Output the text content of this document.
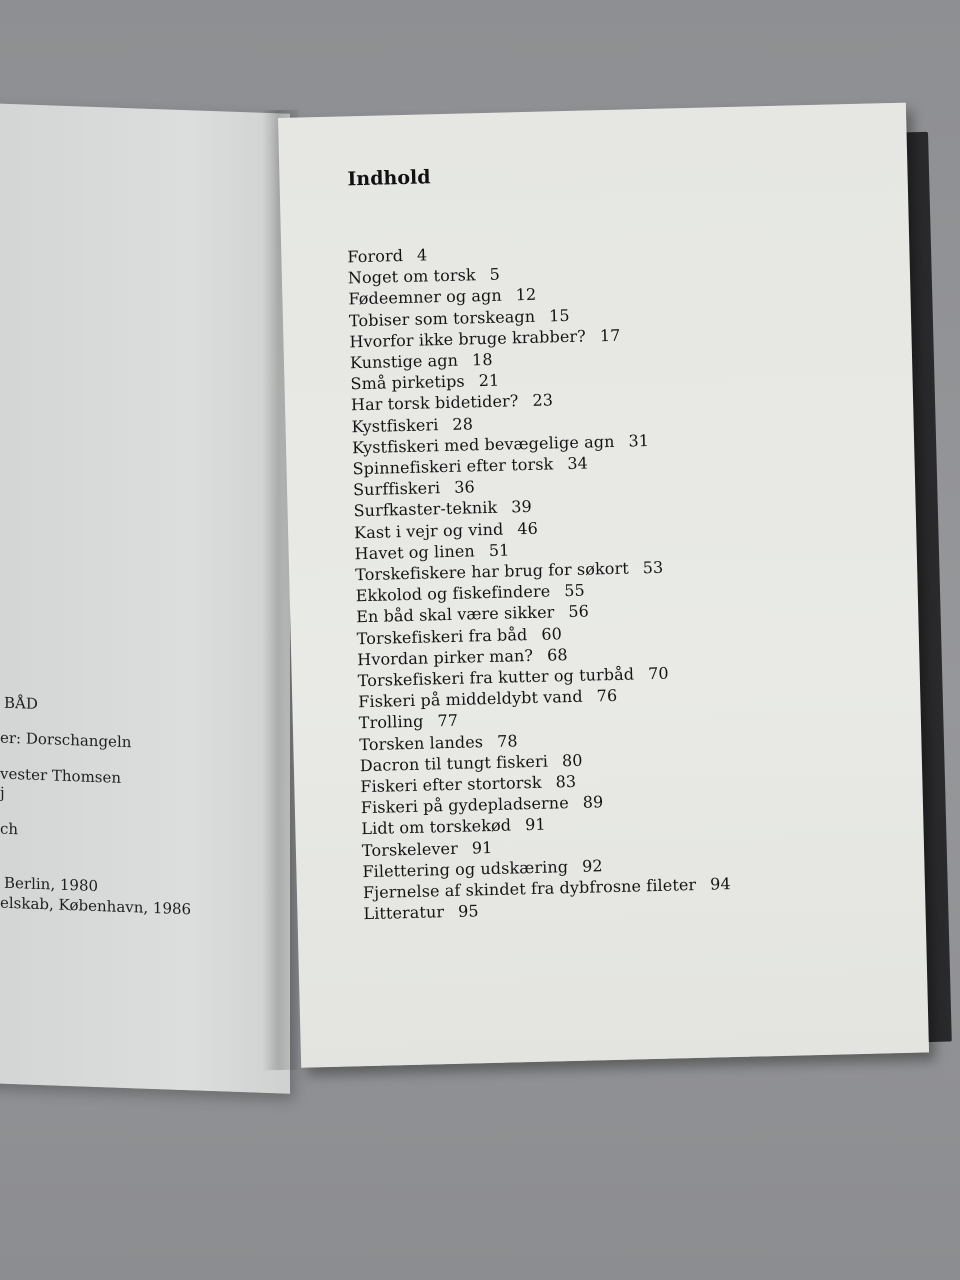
BÅD
er: Dorschangeln
vester Thomsen
j
ch
Berlin, 1980
elskab, København, 1986
Indhold
Forord 4
Noget om torsk 5
Fødeemner og agn 12
Tobiser som torskeagn 15
Hvorfor ikke bruge krabber? 17
Kunstige agn 18
Små pirketips 21
Har torsk bidetider? 23
Kystfiskeri 28
Kystfiskeri med bevægelige agn 31
Spinnefiskeri efter torsk 34
Surffiskeri 36
Surfkaster-teknik 39
Kast i vejr og vind 46
Havet og linen 51
Torskefiskere har brug for søkort 53
Ekkolod og fiskefindere 55
En båd skal være sikker 56
Torskefiskeri fra båd 60
Hvordan pirker man? 68
Torskefiskeri fra kutter og turbåd 70
Fiskeri på middeldybt vand 76
Trolling 77
Torsken landes 78
Dacron til tungt fiskeri 80
Fiskeri efter stortorsk 83
Fiskeri på gydepladserne 89
Lidt om torskekød 91
Torskelever 91
Filettering og udskæring 92
Fjernelse af skindet fra dybfrosne fileter 94
Litteratur 95
